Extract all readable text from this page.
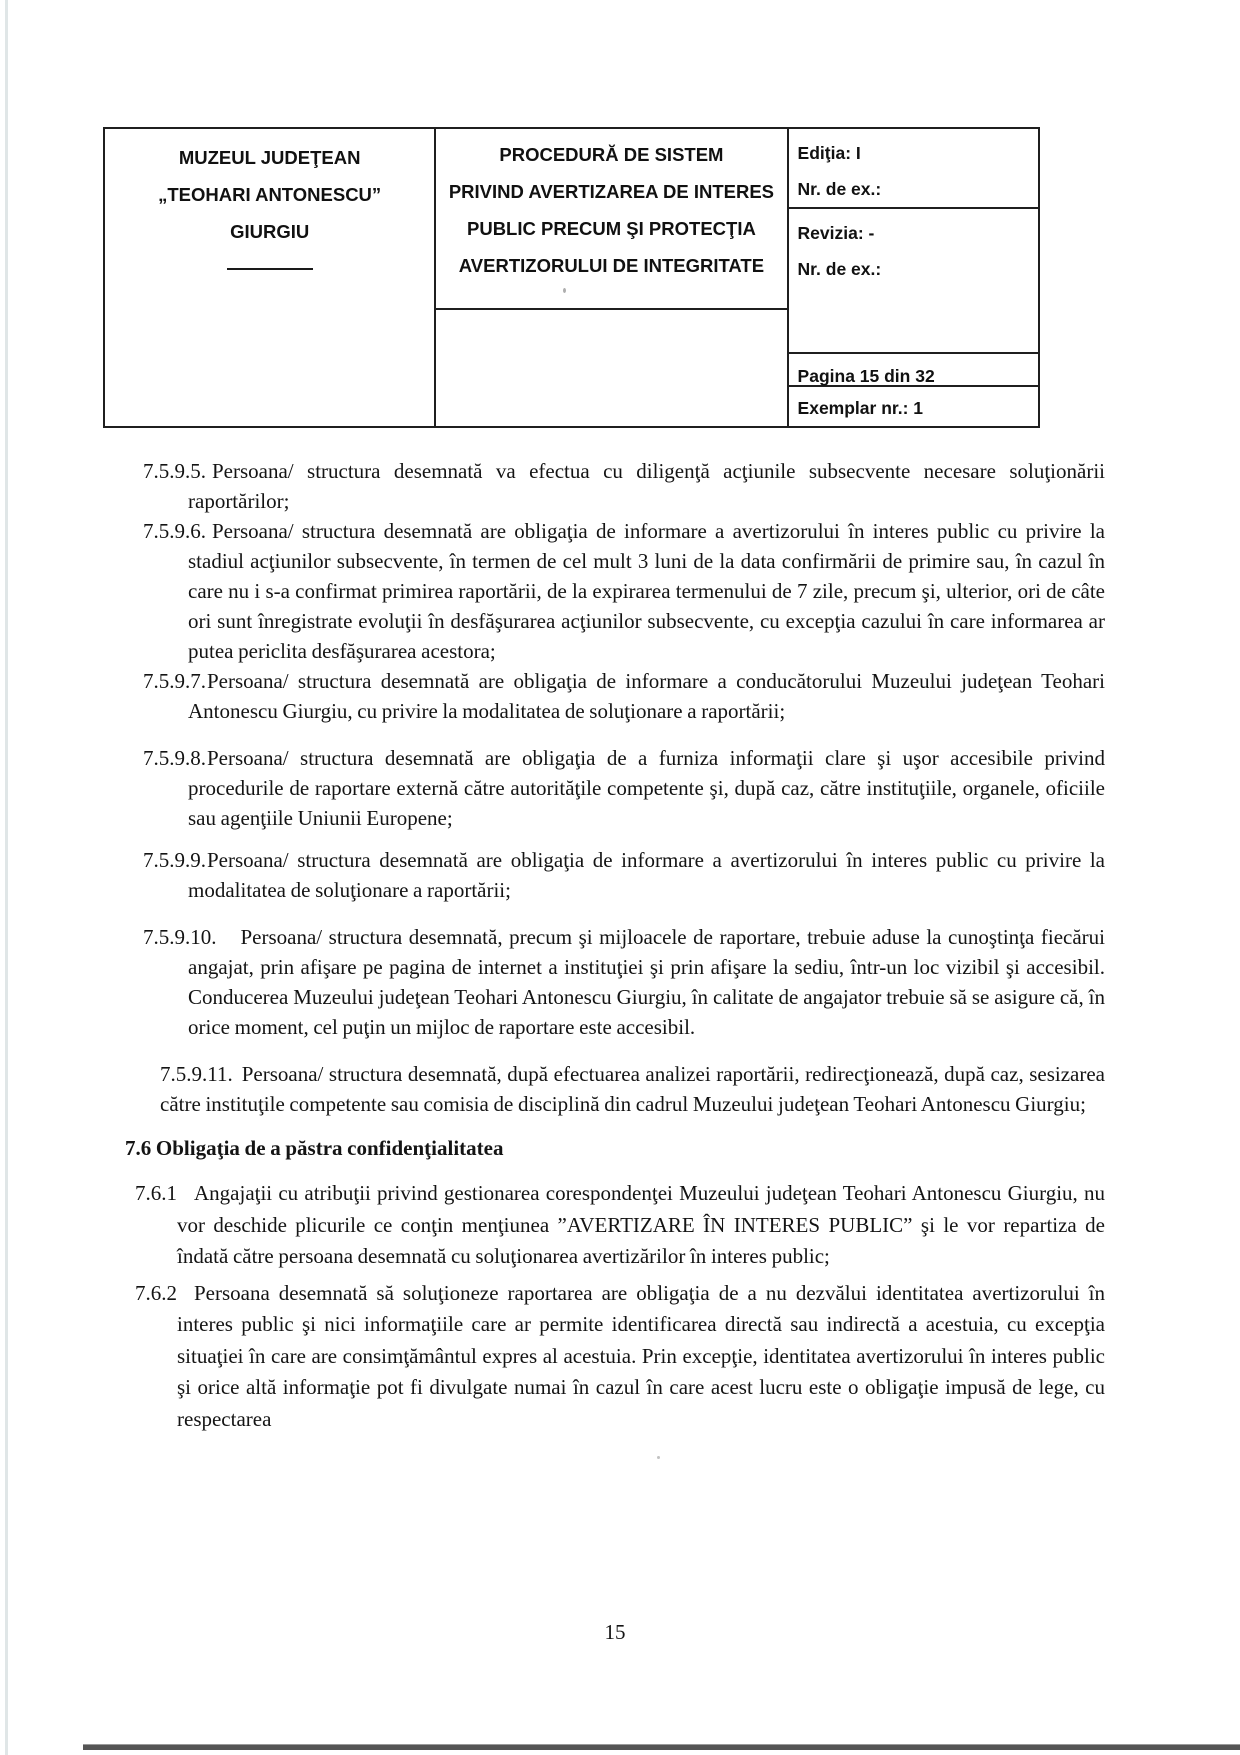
MUZEUL JUDEŢEAN
„TEOHARI ANTONESCU”
GIURGIU
PROCEDURĂ DE SISTEM
PRIVIND AVERTIZAREA DE INTERES
PUBLIC PRECUM ŞI PROTECŢIA
AVERTIZORULUI DE INTEGRITATE
Ediţia: I
Nr. de ex.:
Revizia: -
Nr. de ex.:
Pagina 15 din 32
Exemplar nr.: 1

7.5.9.5. Persoana/ structura desemnată va efectua cu diligenţă acţiunile subsecvente necesare soluţionării raportărilor;

7.5.9.6. Persoana/ structura desemnată are obligaţia de informare a avertizorului în interes public cu privire la stadiul acţiunilor subsecvente, în termen de cel mult 3 luni de la data confirmării de primire sau, în cazul în care nu i s-a confirmat primirea raportării, de la expirarea termenului de 7 zile, precum şi, ulterior, ori de câte ori sunt înregistrate evoluţii în desfăşurarea acţiunilor subsecvente, cu excepţia cazului în care informarea ar putea periclita desfăşurarea acestora;

7.5.9.7.Persoana/ structura desemnată are obligaţia de informare a conducătorului Muzeului judeţean Teohari Antonescu Giurgiu, cu privire la modalitatea de soluţionare a raportării;

7.5.9.8.Persoana/ structura desemnată are obligaţia de a furniza informaţii clare şi uşor accesibile privind procedurile de raportare externă către autorităţile competente şi, după caz, către instituţiile, organele, oficiile sau agenţiile Uniunii Europene;

7.5.9.9.Persoana/ structura desemnată are obligaţia de informare a avertizorului în interes public cu privire la modalitatea de soluţionare a raportării;

7.5.9.10. Persoana/ structura desemnată, precum şi mijloacele de raportare, trebuie aduse la cunoştinţa fiecărui angajat, prin afişare pe pagina de internet a instituţiei şi prin afişare la sediu, într-un loc vizibil şi accesibil. Conducerea Muzeului judeţean Teohari Antonescu Giurgiu, în calitate de angajator trebuie să se asigure că, în orice moment, cel puţin un mijloc de raportare este accesibil.

7.5.9.11. Persoana/ structura desemnată, după efectuarea analizei raportării, redirecţionează, după caz, sesizarea către instituţile competente sau comisia de disciplină din cadrul Muzeului judeţean Teohari Antonescu Giurgiu;

7.6 Obligaţia de a păstra confidenţialitatea

7.6.1 Angajaţii cu atribuţii privind gestionarea corespondenţei Muzeului judeţean Teohari Antonescu Giurgiu, nu vor deschide plicurile ce conţin menţiunea ”AVERTIZARE ÎN INTERES PUBLIC” şi le vor repartiza de îndată către persoana desemnată cu soluţionarea avertizărilor în interes public;

7.6.2 Persoana desemnată să soluţioneze raportarea are obligaţia de a nu dezvălui identitatea avertizorului în interes public şi nici informaţiile care ar permite identificarea directă sau indirectă a acestuia, cu excepţia situaţiei în care are consimţământul expres al acestuia. Prin excepţie, identitatea avertizorului în interes public şi orice altă informaţie pot fi divulgate numai în cazul în care acest lucru este o obligaţie impusă de lege, cu respectarea

15
